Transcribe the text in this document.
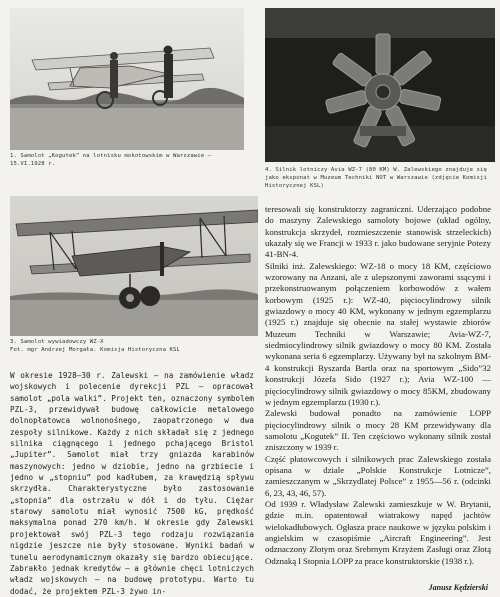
1. Samolot „Kogutek” na lotnisku mokotowskim w Warszawie — 15.VI.1928 r.
4. Silnik lotniczy Avia WZ-7 (80 KM) W. Zalewskiego znajduje się jako eksponat w Muzeum Techniki NOT w Warszawie (zdjęcie Komisji Historycznej KSL)
3. Samolot wywiadowczy WZ-X
Fot. mgr Andrzej Morgała. Komisja Historyczna KSL
W okresie 1928—30 r. Zalewski — na zamówienie władz wojskowych i polecenie dyrekcji PZL — opracował samolot „pola walki”. Projekt ten, oznaczony symbolem PZL-3, przewidywał budowę całkowicie metalowego dolnopłatowca wolnonośnego, zaopatrzonego w dwa zespoły silnikowe. Każdy z nich składał się z jednego silnika ciągnącego i jednego pchającego Bristol „Jupiter”. Samolot miał trzy gniazda karabinów maszynowych: jedno w dziobie, jedno na grzbiecie i jedno w „stopniu” pod kadłubem, za krawędzią spływu skrzydła. Charakterystyczne było zastosowanie „stopnia” dla ostrzału w dół i do tyłu. Ciężar starowy samolotu miał wynosić 7500 kG, prędkość maksymalna ponad 270 km/h. W okresie gdy Zalewski projektował swój PZL-3 tego rodzaju rozwiązania nigdzie jeszcze nie były stosowane. Wyniki badań w tunelu aerodynamicznym okazały się bardzo obiecujące. Zabrakło jednak kredytów — a głównie chęci lotniczych władz wojskowych — na budowę prototypu. Warto tu dodać, że projektem PZL-3 żywo in-

teresowali się konstruktorzy zagraniczni. Uderzająco podobne do maszyny Zalewskiego samoloty bojowe (układ ogólny, konstrukcja skrzydeł, rozmieszczenie stanowisk strzeleckich) ukazały się we Francji w 1933 r. jako budowane seryjnie Potezy 41-BN-4.

Silniki inż. Zalewskiego: WZ-18 o mocy 18 KM, częściowo wzorowany na Anzani, ale z ulepszonymi zaworami ssącymi i przekonstruowanym połączeniem korbowodów z wałem korbowym (1925 r.): WZ-40, pięciocylindrowy silnik gwiazdowy o mocy 40 KM, wykonany w jednym egzemplarzu (1925 r.) znajduje się obecnie na stałej wystawie zbiorów Muzeum Techniki w Warszawie; Avia-WZ-7, siedmiocylindrowy silnik gwiazdowy o mocy 80 KM. Została wykonana seria 6 egzemplarzy. Używany był na szkolnym BM-4 konstrukcji Ryszarda Bartla oraz na sportowym „Sido”32 konstrukcji Józefa Sido (1927 r.); Avia WZ-100 — pięciocylindrowy silnik gwiazdowy o mocy 85KM, zbudowany w jednym egzemplarzu (1930 r.).

Zalewski budował ponadto na zamówienie LOPP pięciocylindrowy silnik o mocy 28 KM przewidywany dla samolotu „Kogutek” II. Ten częściowo wykonany silnik został zniszczony w 1939 r.

Część płatowcowych i silnikowych prac Zalewskiego została opisana w dziale „Polskie Konstrukcje Lotnicze”, zamieszczanym w „Skrzydlatej Polsce” z 1955—56 r. (odcinki 6, 23, 43, 46, 57).

Od 1939 r. Władysław Zalewski zamieszkuje w W. Brytanii, gdzie m.in. opatentował wiatrakowy napęd jachtów wielokadłubowych. Ogłasza prace naukowe w języku polskim i angielskim w czasopiśmie „Aircraft Engineering”. Jest odznaczony Złotym oraz Srebrnym Krzyżem Zasługi oraz Złotą Odznaką I Stopnia LOPP za prace konstruktorskie (1938 r.).

Janusz Kędzierski
